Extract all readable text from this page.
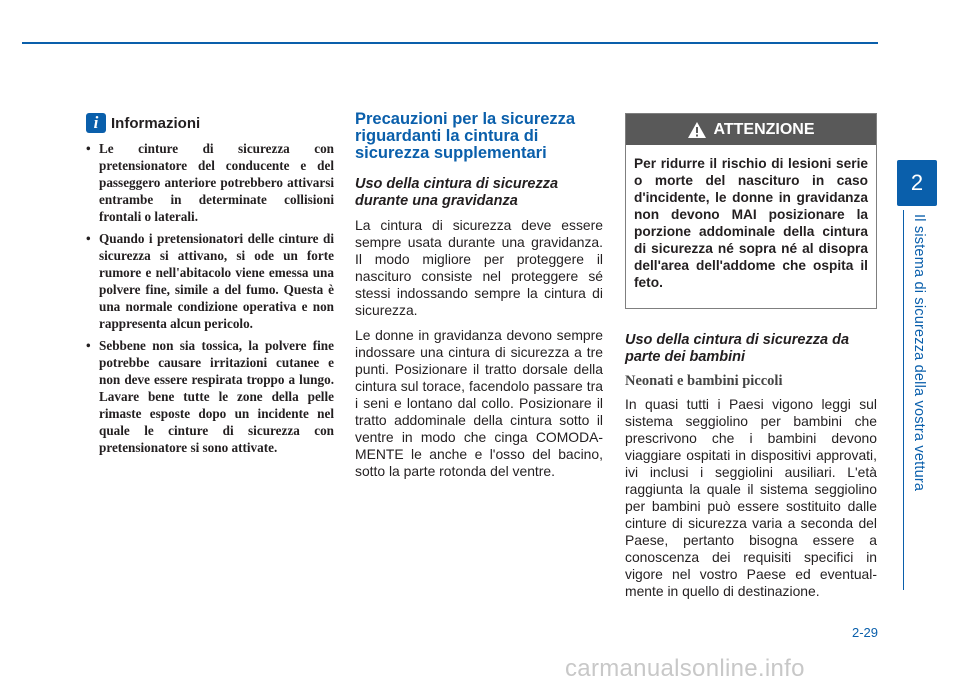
2
Il sistema di sicurezza della vostra vettura
i Informazioni
• Le cinture di sicurezza con pretensionatore del conducente e del passeggero anteriore potrebbero attivarsi entrambe in determinate collisioni frontali o laterali.
• Quando i pretensionatori delle cinture di sicurezza si attivano, si ode un forte rumore e nell'abitacolo viene emessa una polvere fine, simile a del fumo. Questa è una normale condizione operativa e non rappresenta alcun pericolo.
• Sebbene non sia tossica, la polvere fine potrebbe causare irritazioni cutanee e non deve essere respirata troppo a lungo. Lavare bene tutte le zone della pelle rimaste esposte dopo un incidente nel quale le cinture di sicurezza con pretensionatore si sono attivate.
Precauzioni per la sicurezza riguardanti la cintura di sicurezza supplementari
Uso della cintura di sicurezza durante una gravidanza

La cintura di sicurezza deve essere sempre usata durante una gravidanza. Il modo migliore per proteggere il nascituro consiste nel proteggere sé stessi indossando sempre la cintura di sicurezza.

Le donne in gravidanza devono sempre indossare una cintura di sicurezza a tre punti. Posizionare il tratto dorsale della cintura sul torace, facendolo passare tra i seni e lontano dal collo. Posizionare il tratto addominale della cintura sotto il ventre in modo che cinga COMODA-MENTE le anche e l'osso del bacino, sotto la parte rotonda del ventre.

ATTENZIONE
Per ridurre il rischio di lesioni serie o morte del nascituro in caso d'incidente, le donne in gravidanza non devono MAI posizionare la porzione addominale della cintura di sicurezza né sopra né al disopra dell'area dell'addome che ospita il feto.
Uso della cintura di sicurezza da parte dei bambini
Neonati e bambini piccoli

In quasi tutti i Paesi vigono leggi sul sistema seggiolino per bambini che prescrivono che i bambini devono viaggiare ospitati in dispositivi approvati, ivi inclusi i seggiolini ausiliari. L'età raggiunta la quale il sistema seggiolino per bambini può essere sostituito dalle cinture di sicurezza varia a seconda del Paese, pertanto bisogna essere a conoscenza dei requisiti specifici in vigore nel vostro Paese ed eventual-mente in quello di destinazione.

2-29
carmanualsonline.info
